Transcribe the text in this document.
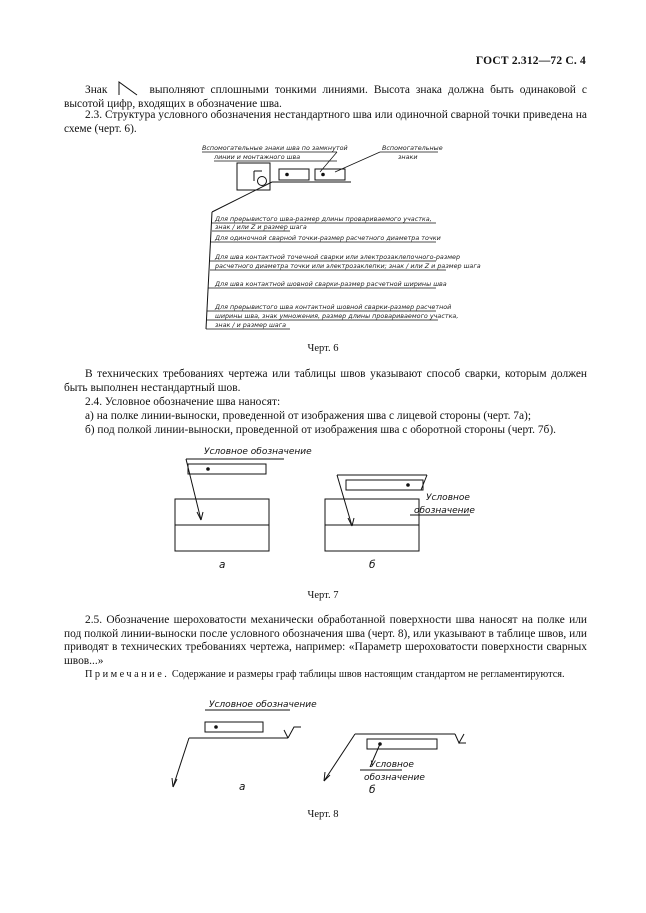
ГОСТ 2.312—72 С. 4
Знак	выполняют сплошными тонкими линиями. Высота знака должна быть одинаковой с высотой цифр, входящих в обозначение шва.
2.3. Структура условного обозначения нестандартного шва или одиночной сварной точки приведена на схеме (черт. 6).
Вспомогательные знаки шва по замкнутой
линии и монтажного шва
Вспомогательные
знаки
Для прерывистого шва-размер длины провариваемого участка,
знак / или Z и размер шага
Для одиночной сварной точки-размер расчетного диаметра точки
Для шва контактной точечной сварки или электрозаклепочного-размер
расчетного диаметра точки или электрозаклепки; знак / или Z и размер шага
Для шва контактной шовной сварки-размер расчетной ширины шва
Для прерывистого шва контактной шовной сварки-размер расчетной
ширины шва, знак умножения, размер длины провариваемого участка,
знак / и размер шага
Черт. 6
В технических требованиях чертежа или таблицы швов указывают способ сварки, которым должен быть выполнен нестандартный шов.
2.4. Условное обозначение шва наносят:
а) на полке линии-выноски, проведенной от изображения шва с лицевой стороны (черт. 7а);
б) под полкой линии-выноски, проведенной от изображения шва с оборотной стороны (черт. 7б).
Условное обозначение
а
Условное
обозначение
б
Черт. 7
2.5. Обозначение шероховатости механически обработанной поверхности шва наносят на полке или под полкой линии-выноски после условного обозначения шва (черт. 8), или указывают в таблице швов, или приводят в технических требованиях чертежа, например: «Параметр шероховатости поверхности сварных швов...»
Примечание. Содержание и размеры граф таблицы швов настоящим стандартом не регламентируются.
Условное обозначение
а
Условное
обозначение
б
Черт. 8
